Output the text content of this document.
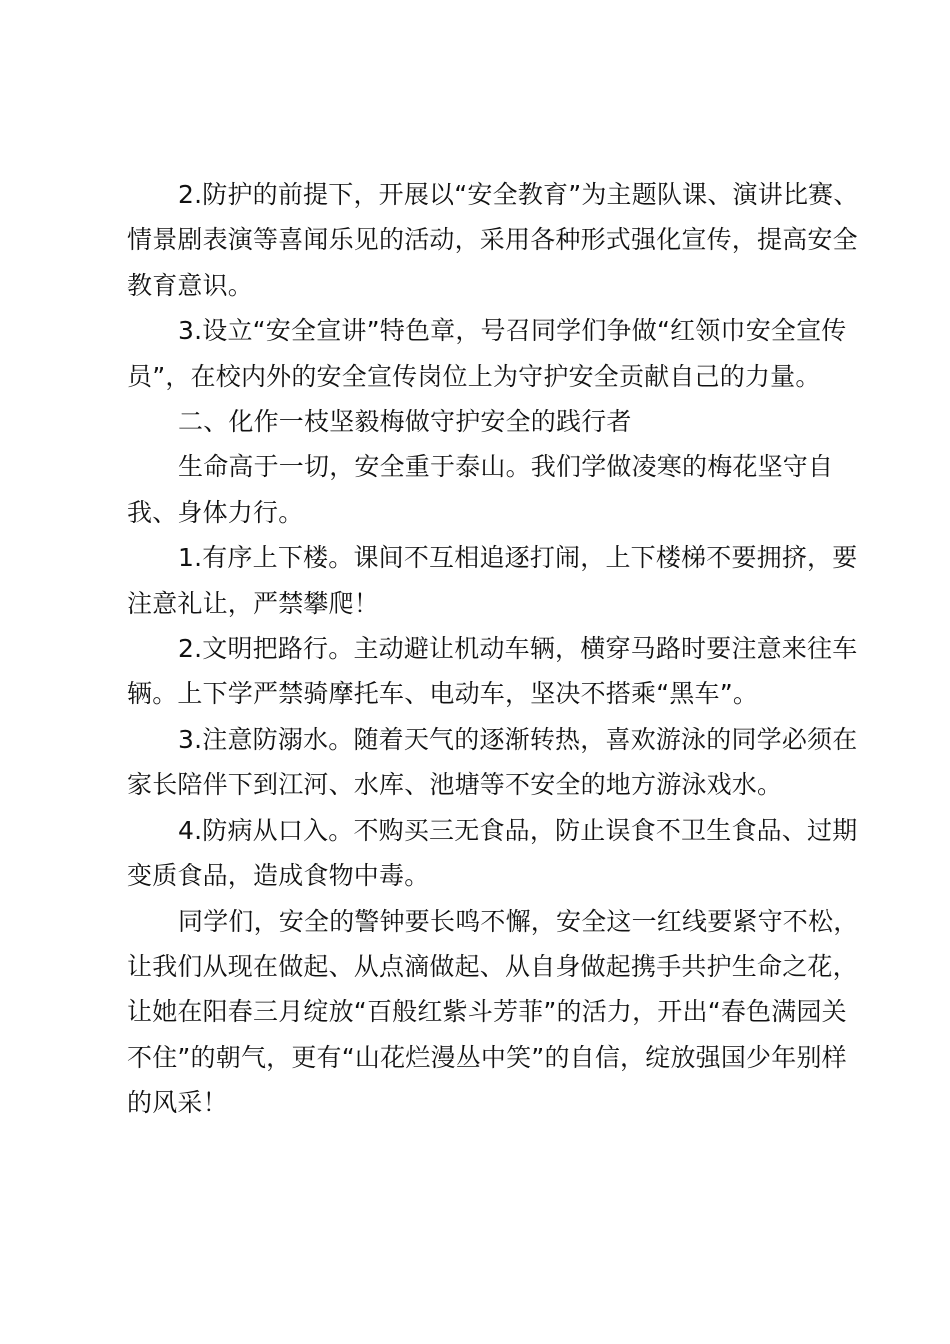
2.防护的前提下，开展以“安全教育”为主题队课、演讲比赛、情景剧表演等喜闻乐见的活动，采用各种形式强化宣传，提高安全教育意识。

3.设立“安全宣讲”特色章，号召同学们争做“红领巾安全宣传员”，在校内外的安全宣传岗位上为守护安全贡献自己的力量。

二、化作一枝坚毅梅做守护安全的践行者

生命高于一切，安全重于泰山。我们学做凌寒的梅花坚守自我、身体力行。

1.有序上下楼。课间不互相追逐打闹，上下楼梯不要拥挤，要注意礼让，严禁攀爬！

2.文明把路行。主动避让机动车辆，横穿马路时要注意来往车辆。上下学严禁骑摩托车、电动车，坚决不搭乘“黑车”。

3.注意防溺水。随着天气的逐渐转热，喜欢游泳的同学必须在家长陪伴下到江河、水库、池塘等不安全的地方游泳戏水。

4.防病从口入。不购买三无食品，防止误食不卫生食品、过期变质食品，造成食物中毒。

同学们，安全的警钟要长鸣不懈，安全这一红线要紧守不松，让我们从现在做起、从点滴做起、从自身做起携手共护生命之花，让她在阳春三月绽放“百般红紫斗芳菲”的活力，开出“春色满园关不住”的朝气，更有“山花烂漫丛中笑”的自信，绽放强国少年别样的风采！
